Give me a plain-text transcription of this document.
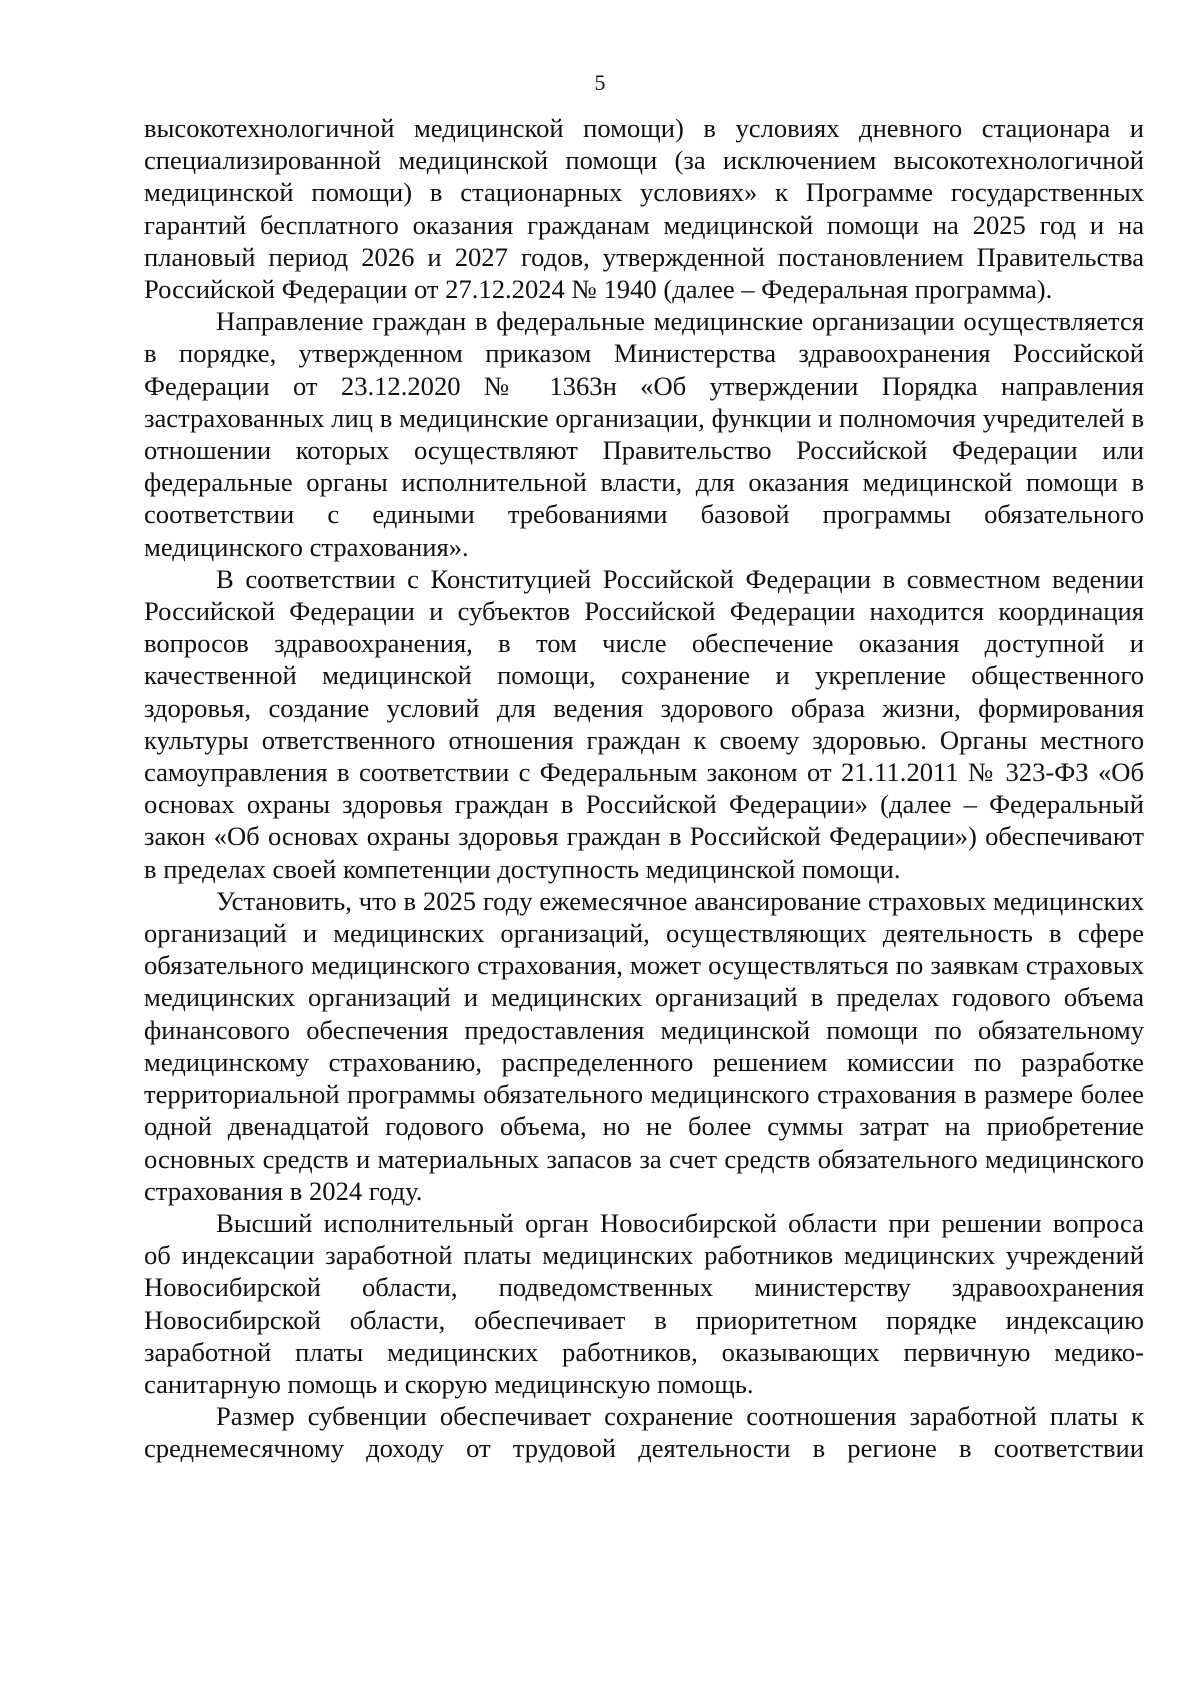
5

высокотехнологичной медицинской помощи) в условиях дневного стационара и специализированной медицинской помощи (за исключением высокотехнологичной медицинской помощи) в стационарных условиях» к Программе государственных гарантий бесплатного оказания гражданам медицинской помощи на 2025 год и на плановый период 2026 и 2027 годов, утвержденной постановлением Правительства Российской Федерации от 27.12.2024 № 1940 (далее – Федеральная программа).

Направление граждан в федеральные медицинские организации осуществляется в порядке, утвержденном приказом Министерства здравоохранения Российской Федерации от 23.12.2020 № 1363н «Об утверждении Порядка направления застрахованных лиц в медицинские организации, функции и полномочия учредителей в отношении которых осуществляют Правительство Российской Федерации или федеральные органы исполнительной власти, для оказания медицинской помощи в соответствии с едиными требованиями базовой программы обязательного медицинского страхования».

В соответствии с Конституцией Российской Федерации в совместном ведении Российской Федерации и субъектов Российской Федерации находится координация вопросов здравоохранения, в том числе обеспечение оказания доступной и качественной медицинской помощи, сохранение и укрепление общественного здоровья, создание условий для ведения здорового образа жизни, формирования культуры ответственного отношения граждан к своему здоровью. Органы местного самоуправления в соответствии с Федеральным законом от 21.11.2011 № 323-ФЗ «Об основах охраны здоровья граждан в Российской Федерации» (далее – Федеральный закон «Об основах охраны здоровья граждан в Российской Федерации») обеспечивают в пределах своей компетенции доступность медицинской помощи.

Установить, что в 2025 году ежемесячное авансирование страховых медицинских организаций и медицинских организаций, осуществляющих деятельность в сфере обязательного медицинского страхования, может осуществляться по заявкам страховых медицинских организаций и медицинских организаций в пределах годового объема финансового обеспечения предоставления медицинской помощи по обязательному медицинскому страхованию, распределенного решением комиссии по разработке территориальной программы обязательного медицинского страхования в размере более одной двенадцатой годового объема, но не более суммы затрат на приобретение основных средств и материальных запасов за счет средств обязательного медицинского страхования в 2024 году.

Высший исполнительный орган Новосибирской области при решении вопроса об индексации заработной платы медицинских работников медицинских учреждений Новосибирской области, подведомственных министерству здравоохранения Новосибирской области, обеспечивает в приоритетном порядке индексацию заработной платы медицинских работников, оказывающих первичную медико-санитарную помощь и скорую медицинскую помощь.

Размер субвенции обеспечивает сохранение соотношения заработной платы к среднемесячному доходу от трудовой деятельности в регионе в соответствии
